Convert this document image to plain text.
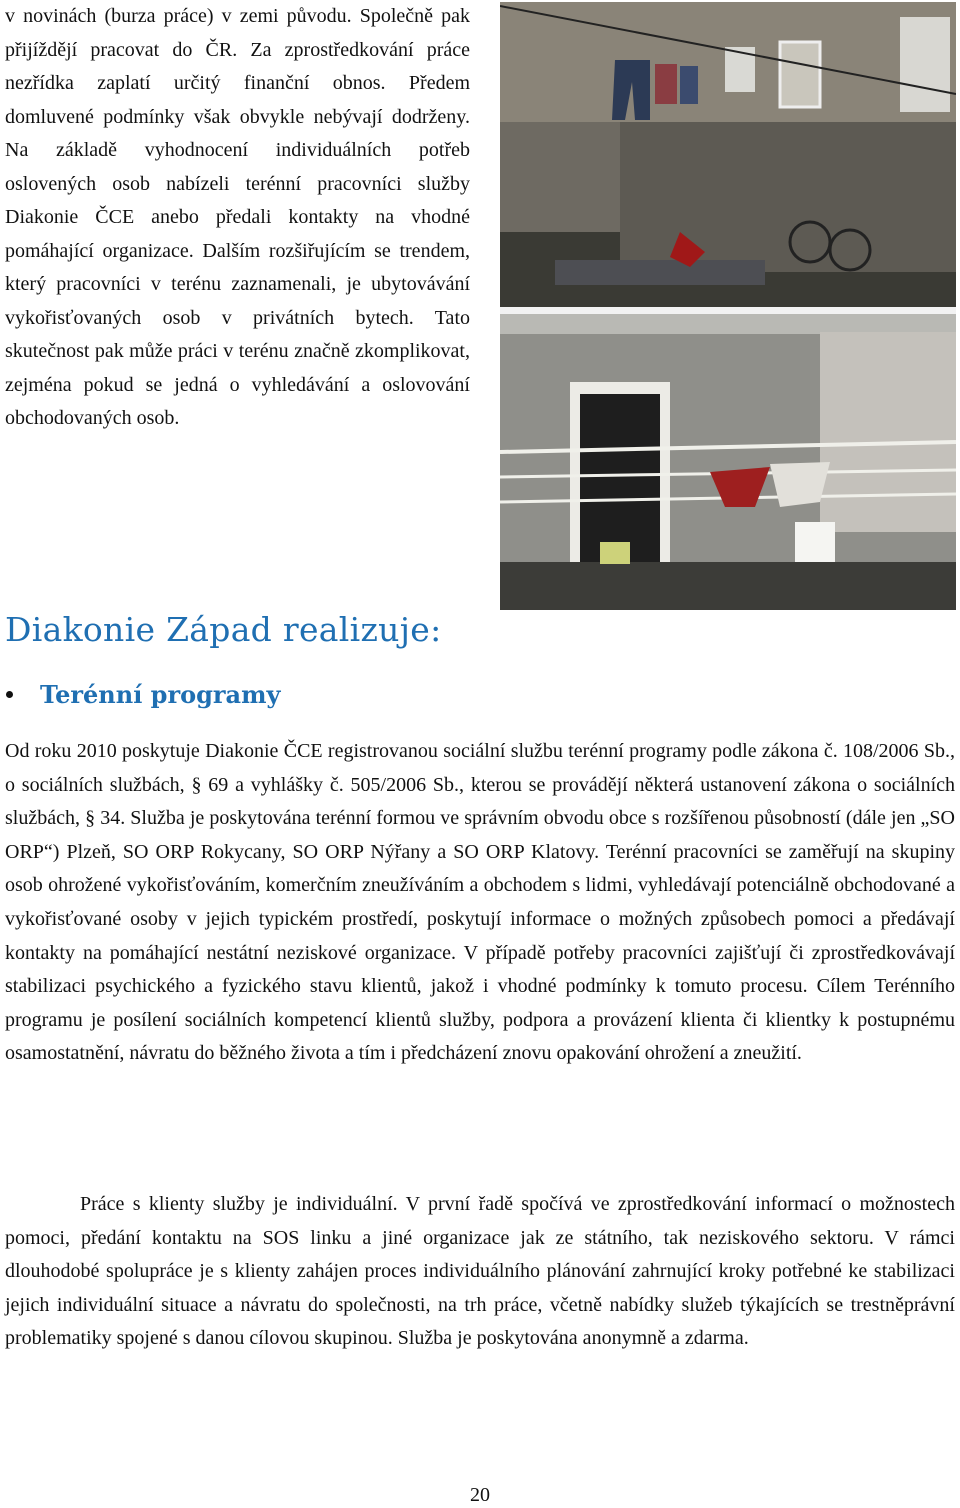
v novinách (burza práce) v zemi původu. Společně pak přijíždějí pracovat do ČR. Za zprostředkování práce nezřídka zaplatí určitý finanční obnos. Předem domluvené podmínky však obvykle nebývají dodrženy. Na základě vyhodnocení individuálních potřeb oslovených osob nabízeli terénní pracovníci služby Diakonie ČCE anebo předali kontakty na vhodné pomáhající organizace. Dalším rozšiřujícím se trendem, který pracovníci v terénu zaznamenali, je ubytovávání vykořisťovaných osob v privátních bytech. Tato skutečnost pak může práci v terénu značně zkomplikovat, zejména pokud se jedná o vyhledávání a oslovování obchodovaných osob.

Diakonie Západ realizuje:
Terénní programy

Od roku 2010 poskytuje Diakonie ČCE registrovanou sociální službu terénní programy podle zákona č. 108/2006 Sb., o sociálních službách, § 69 a vyhlášky č. 505/2006 Sb., kterou se provádějí některá ustanovení zákona o sociálních službách, § 34. Služba je poskytována terénní formou ve správním obvodu obce s rozšířenou působností (dále jen „SO ORP“) Plzeň, SO ORP Rokycany, SO ORP Nýřany a SO ORP Klatovy. Terénní pracovníci se zaměřují na skupiny osob ohrožené vykořisťováním, komerčním zneužíváním a obchodem s lidmi, vyhledávají potenciálně obchodované a vykořisťované osoby v jejich typickém prostředí, poskytují informace o možných způsobech pomoci a předávají kontakty na pomáhající nestátní neziskové organizace. V případě potřeby pracovníci zajišťují či zprostředkovávají stabilizaci psychického a fyzického stavu klientů, jakož i vhodné podmínky k tomuto procesu. Cílem Terénního programu je posílení sociálních kompetencí klientů služby, podpora a provázení klienta či klientky k postupnému osamostatnění, návratu do běžného života a tím i předcházení znovu opakování ohrožení a zneužití.

Práce s klienty služby je individuální. V první řadě spočívá ve zprostředkování informací o možnostech pomoci, předání kontaktu na SOS linku a jiné organizace jak ze státního, tak neziskového sektoru. V rámci dlouhodobé spolupráce je s klienty zahájen proces individuálního plánování zahrnující kroky potřebné ke stabilizaci jejich individuální situace a návratu do společnosti, na trh práce, včetně nabídky služeb týkajících se trestněprávní problematiky spojené s danou cílovou skupinou. Služba je poskytována anonymně a zdarma.

20
